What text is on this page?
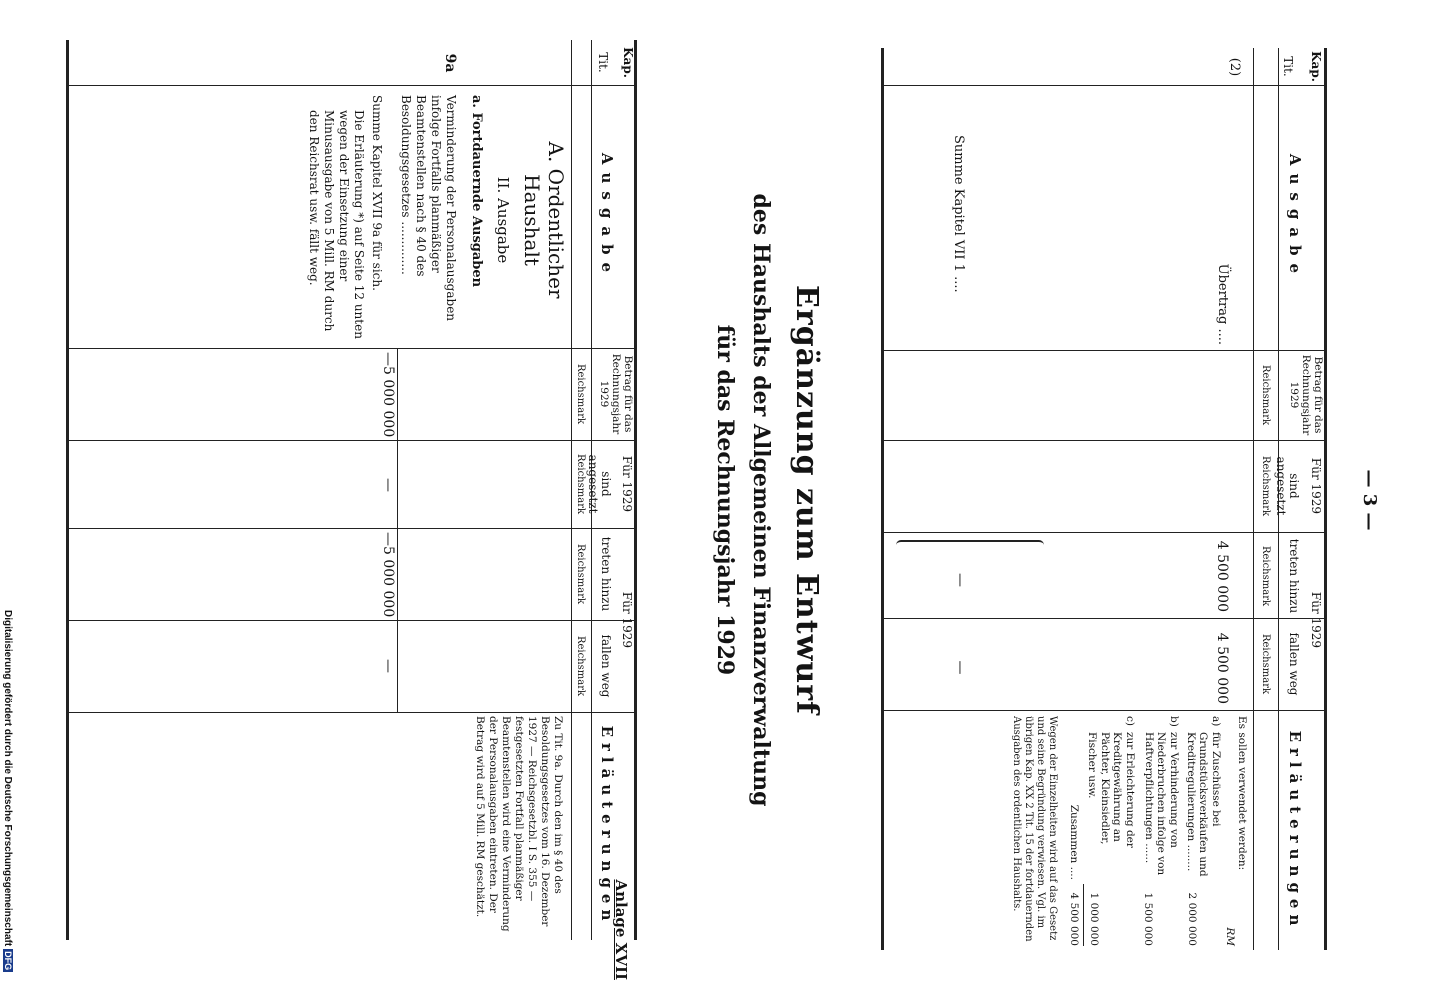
— 3 —
Anlage XVII
Kap.
Tit.
Ausgabe
Betrag für das Rechnungsjahr 1929
Für 1929
sind angesetzt
Für 1929
treten hinzu
fallen weg
Erläuterungen
Reichsmark
Reichsmark
Reichsmark
Reichsmark
(2)
Übertrag ....
Summe Kapitel VII 1 ....
4 500 000
4 500 000
—
—
Es sollen verwendet werden:
RM
a)
für Zuschüsse bei Grundstücksverkäufen und Kreditregulierungen ........
2 000 000
b)
zur Verhinderung von Niederbruchen infolge von Haftverpflichtungen ......
1 500 000
c)
zur Erleichterung der Kreditgewährung an Pächter, Kleinsiedler, Fischer usw.
1 000 000
Zusammen ....
4 500 000
Wegen der Einzelheiten wird auf das Gesetz und seine Begründung verwiesen. Vgl. im übrigen Kap. XX 2 Tit. 15 der fortdauernden Ausgaben des ordentlichen Haushalts.
Ergänzung zum Entwurf
des Haushalts der Allgemeinen Finanzverwaltung
für das Rechnungsjahr 1929
Kap.
Tit.
Ausgabe
Betrag für das Rechnungsjahr 1929
Für 1929
sind angesetzt
Für 1929
treten hinzu
fallen weg
Erläuterungen
Reichsmark
Reichsmark
Reichsmark
Reichsmark
A. Ordentlicher Haushalt
II. Ausgabe
a. Fortdauernde Ausgaben
9a
Verminderung der Personalausgaben infolge Fortfalls planmäßiger Beamtenstellen nach § 40 des Besoldungsgesetzes ..............
Summe Kapitel XVII 9a für sich.
Die Erläuterung *) auf Seite 12 unten wegen der Einsetzung einer Minusausgabe von 5 Mill. RM durch den Reichsrat usw. fällt weg.
—5 000 000
—
—5 000 000
—
Zu Tit. 9a. Durch den im § 40 des Besoldungsgesetzes vom 16. Dezember 1927 — Reichsgesetzbl. I S. 355 — festgesetzten Fortfall planmäßiger Beamtenstellen wird eine Verminderung der Personalausgaben eintreten. Der Betrag wird auf 5 Mill. RM geschätzt.
Digitalisierung gefördert durch die Deutsche ForschungsgemeinschaftDFG
